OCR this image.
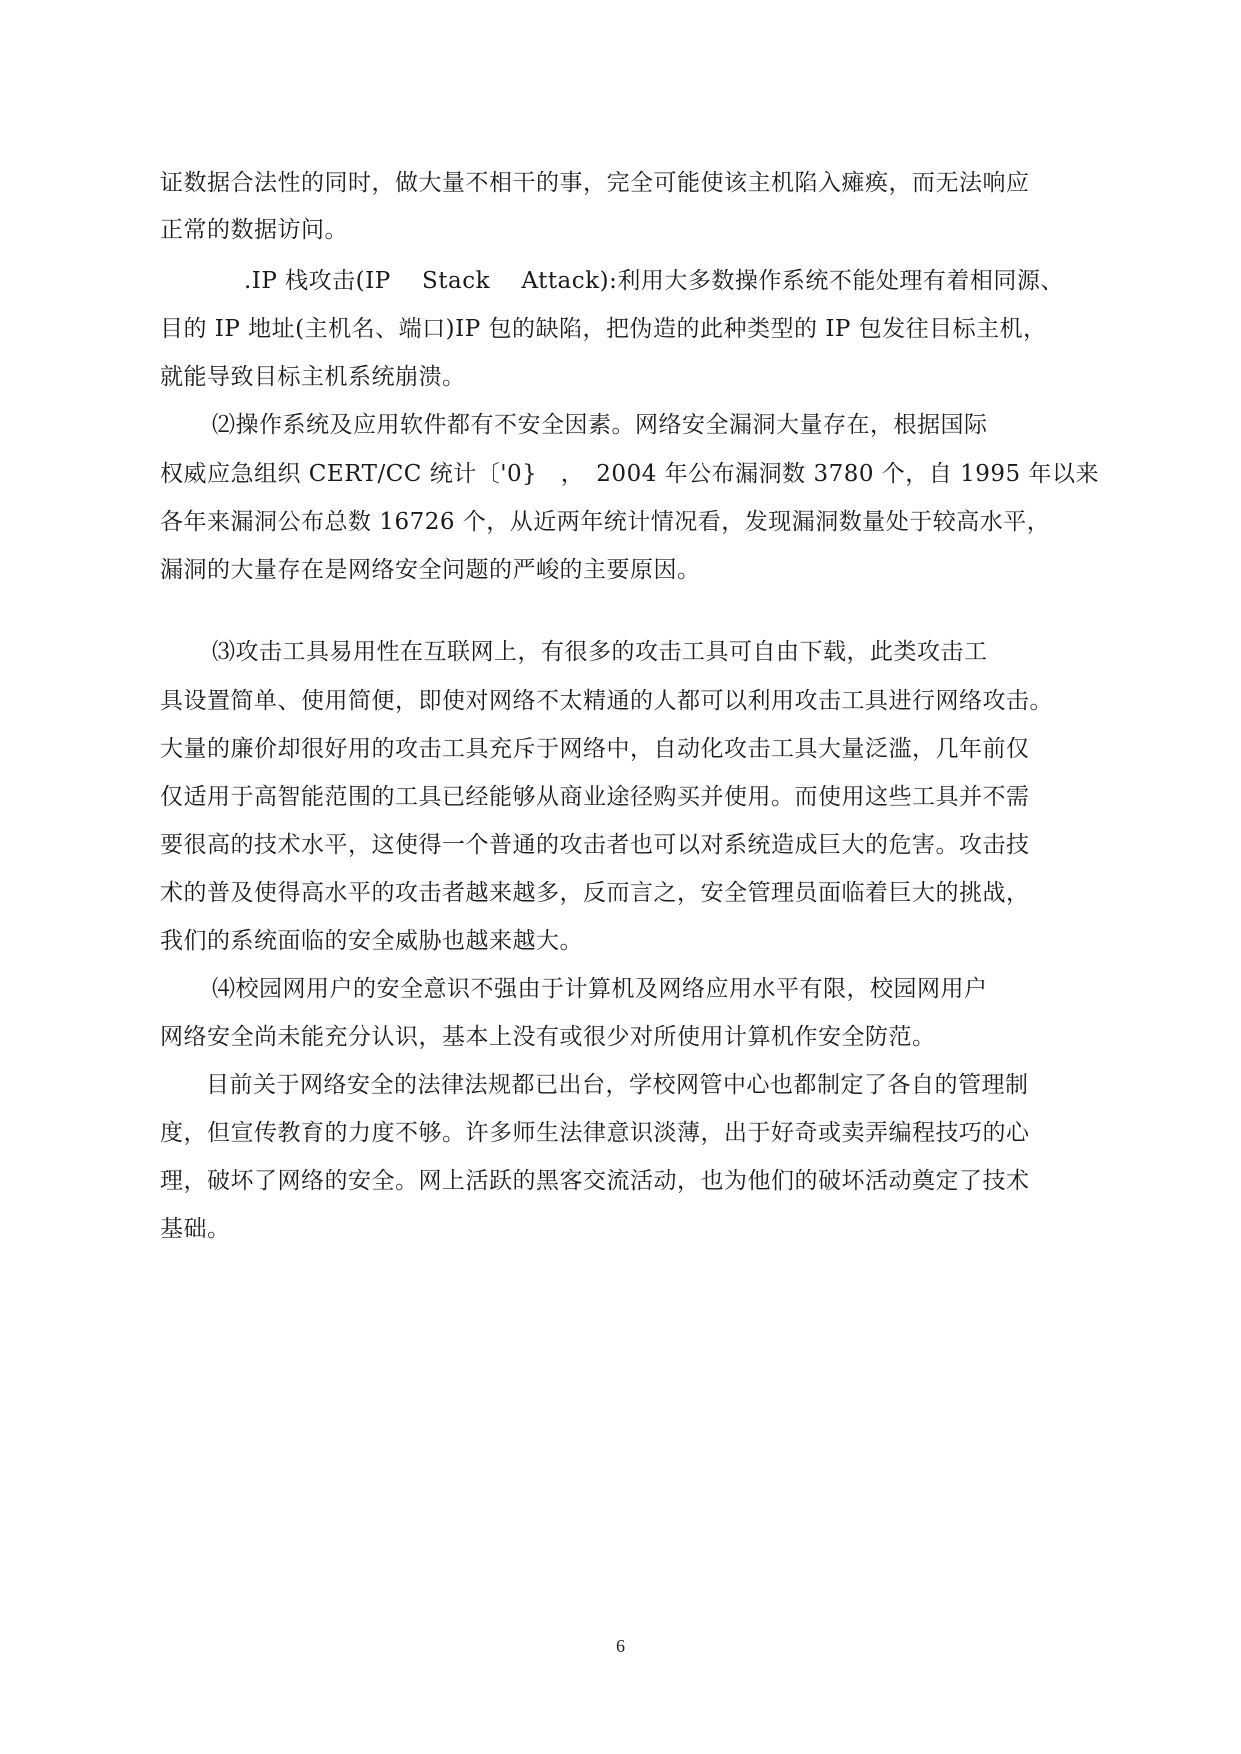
证数据合法性的同时，做大量不相干的事，完全可能使该主机陷入瘫痪，而无法响应
正常的数据访问。
.IP 栈攻击(IP　 Stack　 Attack):利用大多数操作系统不能处理有着相同源、
目的 IP 地址(主机名、端口)IP 包的缺陷，把伪造的此种类型的 IP 包发往目标主机，
就能导致目标主机系统崩溃。
⑵操作系统及应用软件都有不安全因素。网络安全漏洞大量存在，根据国际
权威应急组织 CERT/CC 统计〔'0}　，　2004 年公布漏洞数 3780 个，自 1995 年以来
各年来漏洞公布总数 16726 个，从近两年统计情况看，发现漏洞数量处于较高水平，
漏洞的大量存在是网络安全问题的严峻的主要原因。
⑶攻击工具易用性在互联网上，有很多的攻击工具可自由下载，此类攻击工
具设置简单、使用简便，即使对网络不太精通的人都可以利用攻击工具进行网络攻击。
大量的廉价却很好用的攻击工具充斥于网络中，自动化攻击工具大量泛滥，几年前仅
仅适用于高智能范围的工具已经能够从商业途径购买并使用。而使用这些工具并不需
要很高的技术水平，这使得一个普通的攻击者也可以对系统造成巨大的危害。攻击技
术的普及使得高水平的攻击者越来越多，反而言之，安全管理员面临着巨大的挑战，
我们的系统面临的安全威胁也越来越大。
⑷校园网用户的安全意识不强由于计算机及网络应用水平有限，校园网用户
网络安全尚未能充分认识，基本上没有或很少对所使用计算机作安全防范。
目前关于网络安全的法律法规都已出台，学校网管中心也都制定了各自的管理制
度，但宣传教育的力度不够。许多师生法律意识淡薄，出于好奇或卖弄编程技巧的心
理，破坏了网络的安全。网上活跃的黑客交流活动，也为他们的破坏活动奠定了技术
基础。
6
